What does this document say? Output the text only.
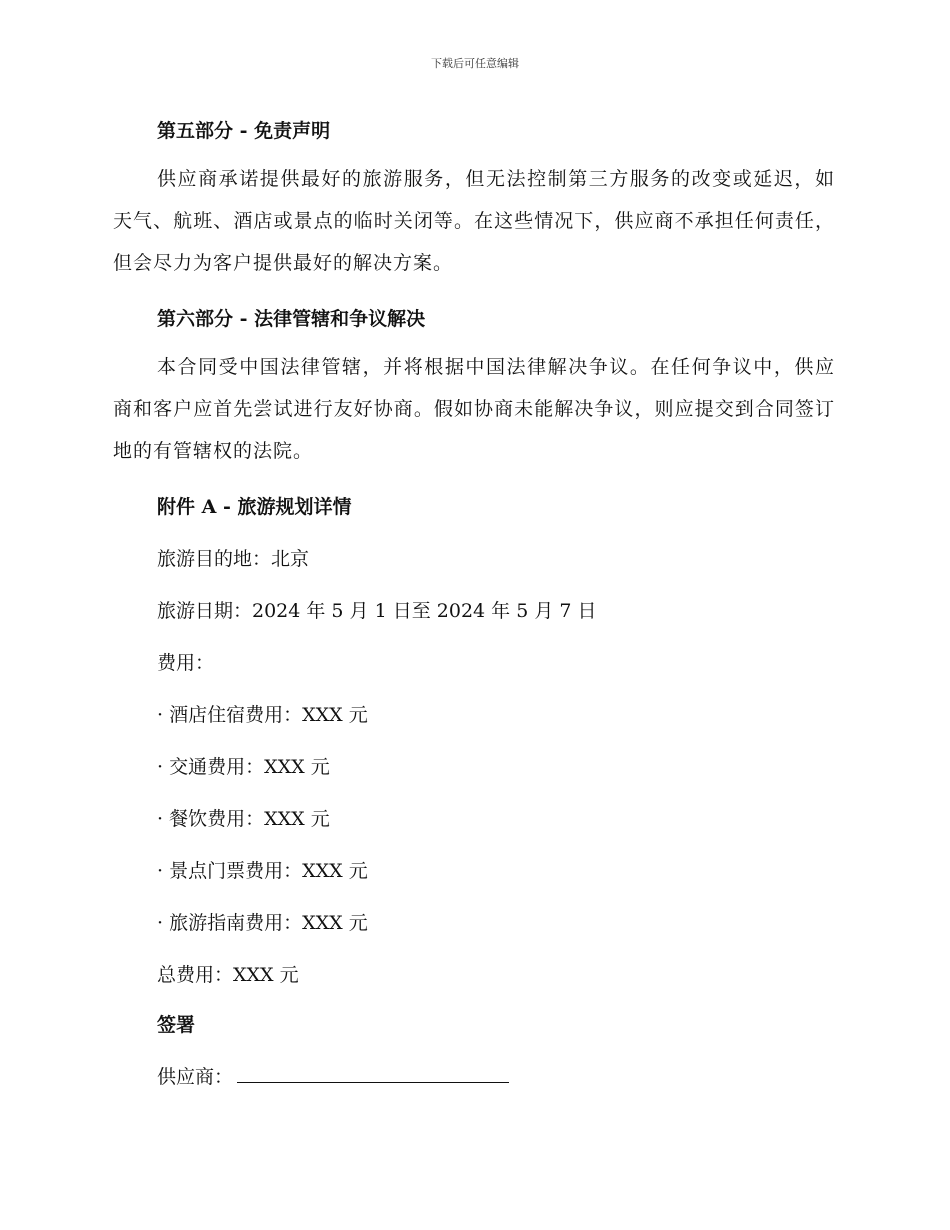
下载后可任意编辑
第五部分 - 免责声明
供应商承诺提供最好的旅游服务，但无法控制第三方服务的改变或延迟，如天气、航班、酒店或景点的临时关闭等。在这些情况下，供应商不承担任何责任，但会尽力为客户提供最好的解决方案。
第六部分 - 法律管辖和争议解决
本合同受中国法律管辖，并将根据中国法律解决争议。在任何争议中，供应商和客户应首先尝试进行友好协商。假如协商未能解决争议，则应提交到合同签订地的有管辖权的法院。
附件 A - 旅游规划详情
旅游目的地：北京
旅游日期：2024 年 5 月 1 日至 2024 年 5 月 7 日
费用：
· 酒店住宿费用：XXX 元
· 交通费用：XXX 元
· 餐饮费用：XXX 元
· 景点门票费用：XXX 元
· 旅游指南费用：XXX 元
总费用：XXX 元
签署
供应商：
